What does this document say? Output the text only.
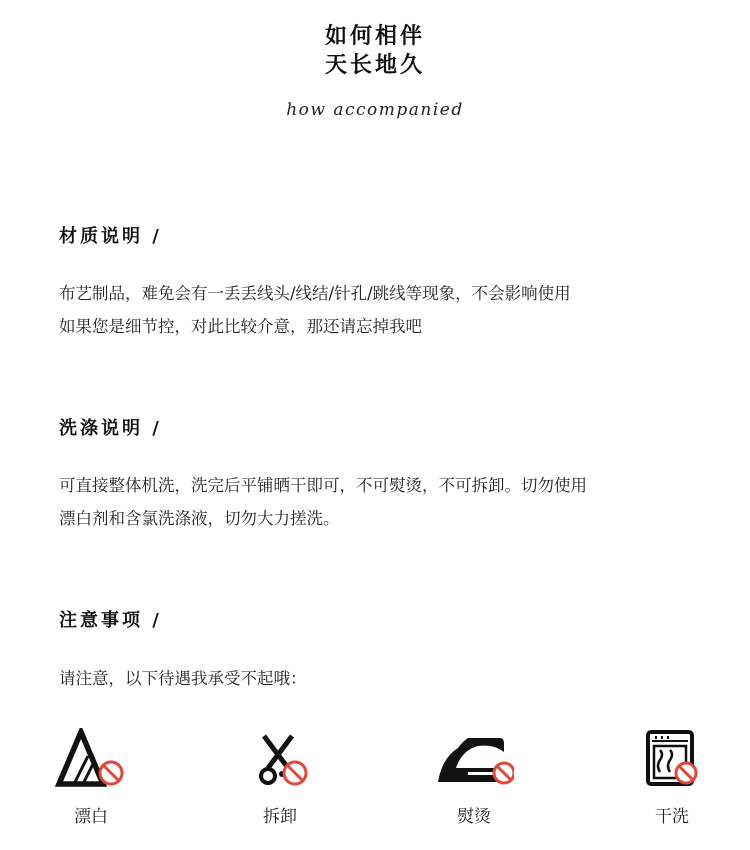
如何相伴
天长地久
how accompanied
材质说明 /

布艺制品，难免会有一丢丢线头/线结/针孔/跳线等现象，不会影响使用

如果您是细节控，对此比较介意，那还请忘掉我吧

洗涤说明 /

可直接整体机洗，洗完后平铺晒干即可，不可熨烫，不可拆卸。切勿使用

漂白剂和含氯洗涤液，切勿大力搓洗。

注意事项 /

请注意，以下待遇我承受不起哦：

漂白	拆卸	熨烫	干洗
